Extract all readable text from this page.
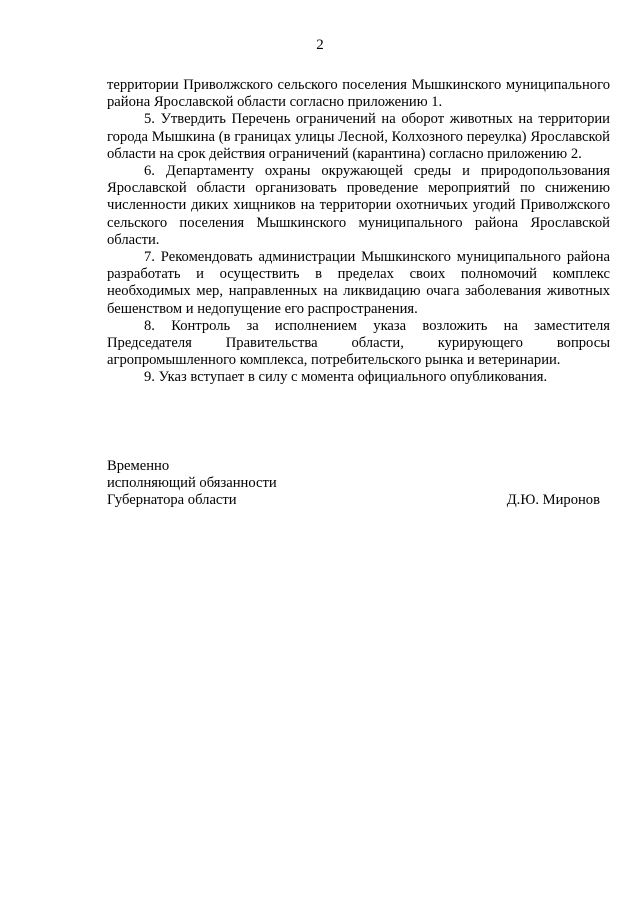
2

территории Приволжского сельского поселения Мышкинского муниципального района Ярославской области согласно приложению 1.

5. Утвердить Перечень ограничений на оборот животных на территории города Мышкина (в границах улицы Лесной, Колхозного переулка) Ярославской области на срок действия ограничений (карантина) согласно приложению 2.

6. Департаменту охраны окружающей среды и природопользования Ярославской области организовать проведение мероприятий по снижению численности диких хищников на территории охотничьих угодий Приволжского сельского поселения Мышкинского муниципального района Ярославской области.

7. Рекомендовать администрации Мышкинского муниципального района разработать и осуществить в пределах своих полномочий комплекс необходимых мер, направленных на ликвидацию очага заболевания животных бешенством и недопущение его распространения.

8. Контроль за исполнением указа возложить на заместителя Председателя Правительства области, курирующего вопросы агропромышленного комплекса, потребительского рынка и ветеринарии.

9. Указ вступает в силу с момента официального опубликования.

Временно
исполняющий обязанности
Губернатора области	Д.Ю. Миронов
